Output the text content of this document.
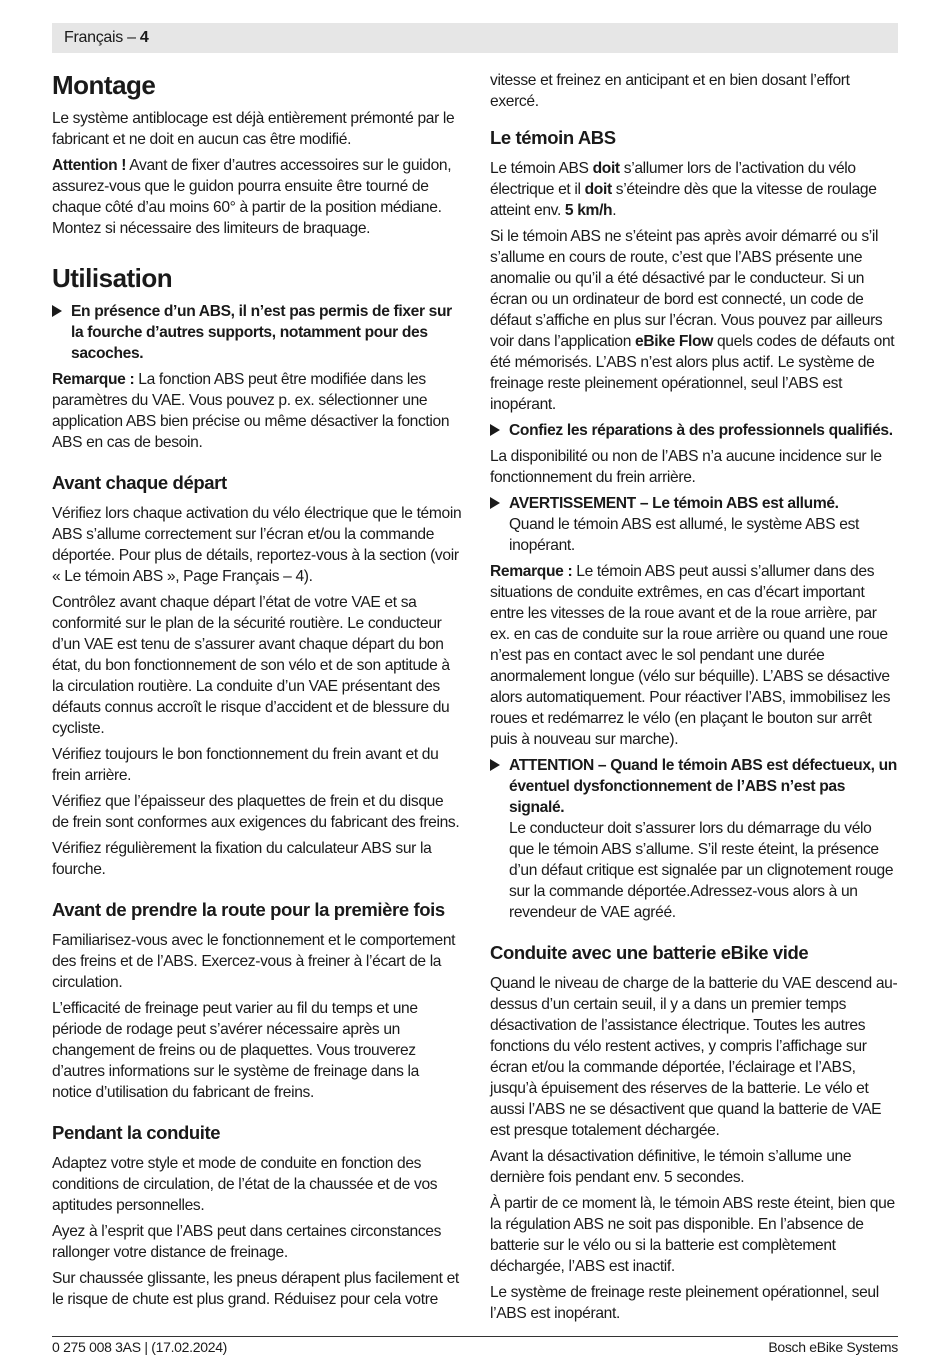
Français – 4
Montage

Le système antiblocage est déjà entièrement prémonté par le fabricant et ne doit en aucun cas être modifié.

Attention ! Avant de fixer d’autres accessoires sur le guidon, assurez-vous que le guidon pourra ensuite être tourné de chaque côté d’au moins 60° à partir de la position médiane. Montez si nécessaire des limiteurs de braquage.

Utilisation

En présence d’un ABS, il n’est pas permis de fixer sur la fourche d’autres supports, notamment pour des sacoches.

Remarque : La fonction ABS peut être modifiée dans les paramètres du VAE. Vous pouvez p. ex. sélectionner une application ABS bien précise ou même désactiver la fonction ABS en cas de besoin.

Avant chaque départ

Vérifiez lors chaque activation du vélo électrique que le témoin ABS s’allume correctement sur l’écran et/ou la commande déportée. Pour plus de détails, reportez-vous à la section (voir « Le témoin ABS », Page Français – 4).

Contrôlez avant chaque départ l’état de votre VAE et sa conformité sur le plan de la sécurité routière. Le conducteur d’un VAE est tenu de s’assurer avant chaque départ du bon état, du bon fonctionnement de son vélo et de son aptitude à la circulation routière. La conduite d’un VAE présentant des défauts connus accroît le risque d’accident et de blessure du cycliste.

Vérifiez toujours le bon fonctionnement du frein avant et du frein arrière.

Vérifiez que l’épaisseur des plaquettes de frein et du disque de frein sont conformes aux exigences du fabricant des freins.

Vérifiez régulièrement la fixation du calculateur ABS sur la fourche.

Avant de prendre la route pour la première fois

Familiarisez-vous avec le fonctionnement et le comportement des freins et de l’ABS. Exercez-vous à freiner à l’écart de la circulation.

L’efficacité de freinage peut varier au fil du temps et une période de rodage peut s’avérer nécessaire après un changement de freins ou de plaquettes. Vous trouverez d’autres informations sur le système de freinage dans la notice d’utilisation du fabricant de freins.

Pendant la conduite

Adaptez votre style et mode de conduite en fonction des conditions de circulation, de l’état de la chaussée et de vos aptitudes personnelles.

Ayez à l’esprit que l’ABS peut dans certaines circonstances rallonger votre distance de freinage.

Sur chaussée glissante, les pneus dérapent plus facilement et le risque de chute est plus grand. Réduisez pour cela votre

vitesse et freinez en anticipant et en bien dosant l’effort exercé.

Le témoin ABS

Le témoin ABS doit s’allumer lors de l’activation du vélo électrique et il doit s’éteindre dès que la vitesse de roulage atteint env. 5 km/h.

Si le témoin ABS ne s’éteint pas après avoir démarré ou s’il s’allume en cours de route, c’est que l’ABS présente une anomalie ou qu’il a été désactivé par le conducteur. Si un écran ou un ordinateur de bord est connecté, un code de défaut s’affiche en plus sur l’écran. Vous pouvez par ailleurs voir dans l’application eBike Flow quels codes de défauts ont été mémorisés. L’ABS n’est alors plus actif. Le système de freinage reste pleinement opérationnel, seul l’ABS est inopérant.

Confiez les réparations à des professionnels qualifiés.

La disponibilité ou non de l’ABS n’a aucune incidence sur le fonctionnement du frein arrière.

AVERTISSEMENT – Le témoin ABS est allumé.

Quand le témoin ABS est allumé, le système ABS est inopérant.

Remarque : Le témoin ABS peut aussi s’allumer dans des situations de conduite extrêmes, en cas d’écart important entre les vitesses de la roue avant et de la roue arrière, par ex. en cas de conduite sur la roue arrière ou quand une roue n’est pas en contact avec le sol pendant une durée anormalement longue (vélo sur béquille). L’ABS se désactive alors automatiquement. Pour réactiver l’ABS, immobilisez les roues et redémarrez le vélo (en plaçant le bouton sur arrêt puis à nouveau sur marche).

ATTENTION – Quand le témoin ABS est défectueux, un éventuel dysfonctionnement de l’ABS n’est pas signalé.

Le conducteur doit s’assurer lors du démarrage du vélo que le témoin ABS s’allume. S’il reste éteint, la présence d’un défaut critique est signalée par un clignotement rouge sur la commande déportée.Adressez-vous alors à un revendeur de VAE agréé.

Conduite avec une batterie eBike vide

Quand le niveau de charge de la batterie du VAE descend au-dessus d’un certain seuil, il y a dans un premier temps désactivation de l’assistance électrique. Toutes les autres fonctions du vélo restent actives, y compris l’affichage sur écran et/ou la commande déportée, l’éclairage et l’ABS, jusqu’à épuisement des réserves de la batterie. Le vélo et aussi l’ABS ne se désactivent que quand la batterie de VAE est presque totalement déchargée.

Avant la désactivation définitive, le témoin s’allume une dernière fois pendant env. 5 secondes.

À partir de ce moment là, le témoin ABS reste éteint, bien que la régulation ABS ne soit pas disponible. En l’absence de batterie sur le vélo ou si la batterie est complètement déchargée, l’ABS est inactif.

Le système de freinage reste pleinement opérationnel, seul l’ABS est inopérant.

0 275 008 3AS | (17.02.2024)	Bosch eBike Systems
